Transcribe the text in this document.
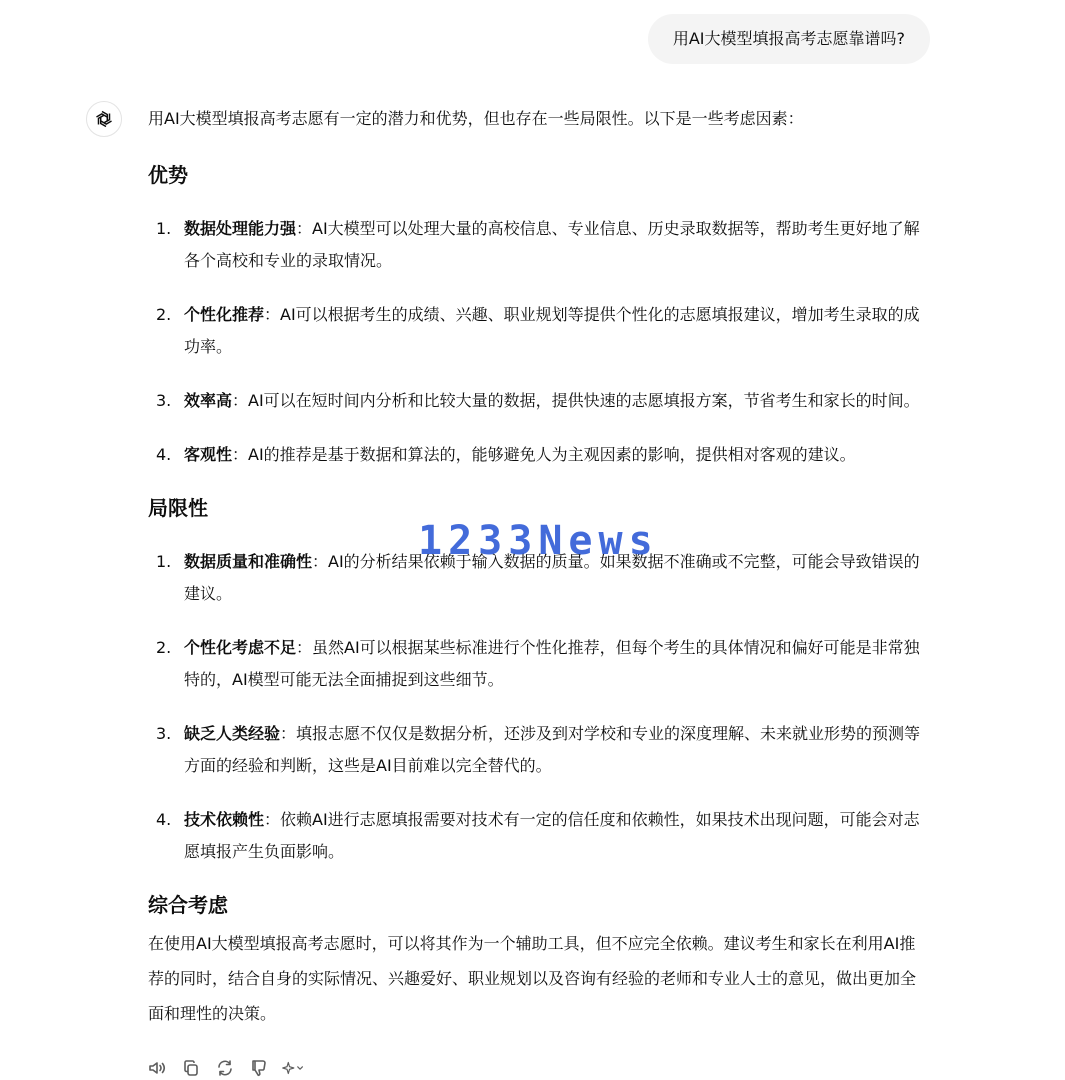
用AI大模型填报高考志愿靠谱吗?

用AI大模型填报高考志愿有一定的潜力和优势，但也存在一些局限性。以下是一些考虑因素：

优势
1. 数据处理能力强：AI大模型可以处理大量的高校信息、专业信息、历史录取数据等，帮助考生更好地了解各个高校和专业的录取情况。
2. 个性化推荐：AI可以根据考生的成绩、兴趣、职业规划等提供个性化的志愿填报建议，增加考生录取的成功率。
3. 效率高：AI可以在短时间内分析和比较大量的数据，提供快速的志愿填报方案，节省考生和家长的时间。
4. 客观性：AI的推荐是基于数据和算法的，能够避免人为主观因素的影响，提供相对客观的建议。
局限性
1. 数据质量和准确性：AI的分析结果依赖于输入数据的质量。如果数据不准确或不完整，可能会导致错误的建议。
2. 个性化考虑不足：虽然AI可以根据某些标准进行个性化推荐，但每个考生的具体情况和偏好可能是非常独特的，AI模型可能无法全面捕捉到这些细节。
3. 缺乏人类经验：填报志愿不仅仅是数据分析，还涉及到对学校和专业的深度理解、未来就业形势的预测等方面的经验和判断，这些是AI目前难以完全替代的。
4. 技术依赖性：依赖AI进行志愿填报需要对技术有一定的信任度和依赖性，如果技术出现问题，可能会对志愿填报产生负面影响。
综合考虑

在使用AI大模型填报高考志愿时，可以将其作为一个辅助工具，但不应完全依赖。建议考生和家长在利用AI推荐的同时，结合自身的实际情况、兴趣爱好、职业规划以及咨询有经验的老师和专业人士的意见，做出更加全面和理性的决策。

1233News
